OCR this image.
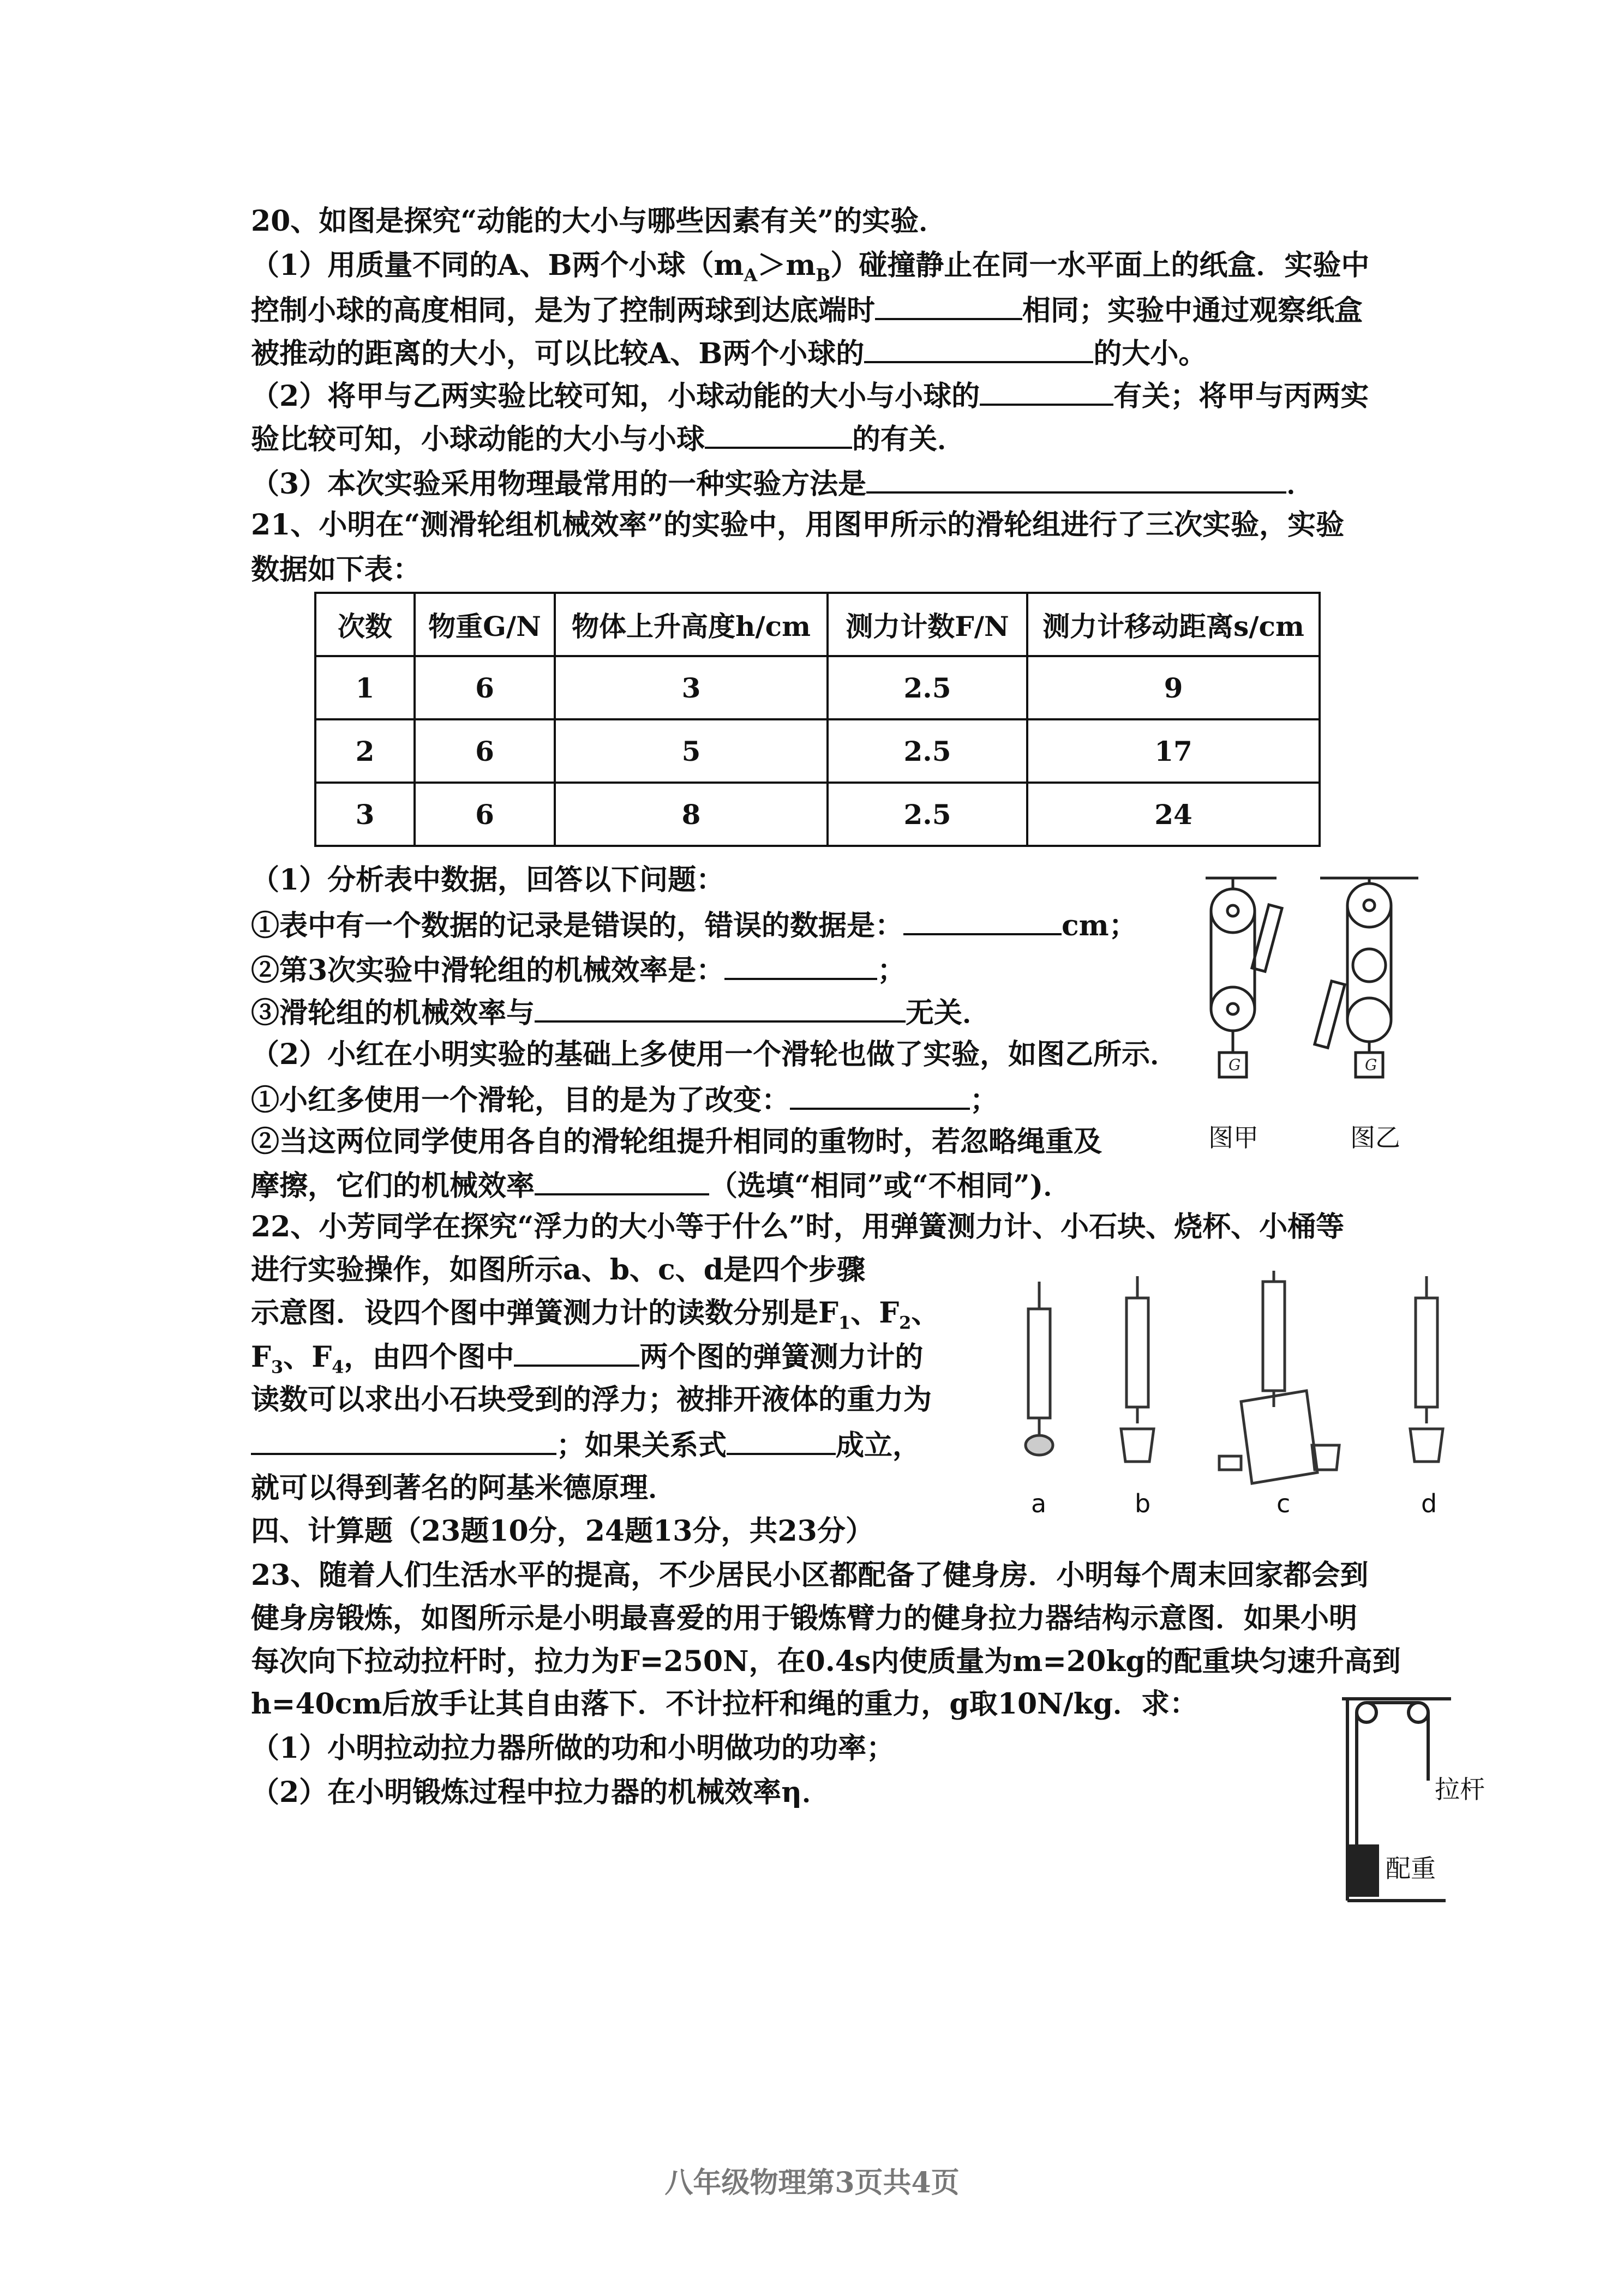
20、如图是探究“动能的大小与哪些因素有关”的实验．
（1）用质量不同的A、B两个小球$(m_A>m_B)$碰撞静止在同一水平面上的纸盒．实验中
控制小球的高度相同，是为了控制两球到达底端时	相同；实验中通过观察纸盒
被推动的距离的大小，可以比较A、B两个小球的	的大小。
（2）将甲与乙两实验比较可知，小球动能的大小与小球的	有关；将甲与丙两实
验比较可知，小球动能的大小与小球	的有关．
（3）本次实验采用物理最常用的一种实验方法是	．
21、小明在“测滑轮组机械效率”的实验中，用图甲所示的滑轮组进行了三次实验，实验
数据如下表：
（1）分析表中数据，回答以下问题：
①表中有一个数据的记录是错误的，错误的数据是：	cm；
②第3次实验中滑轮组的机械效率是：	；
③滑轮组的机械效率与	无关．
（2）小红在小明实验的基础上多使用一个滑轮也做了实验，如图乙所示．
①小红多使用一个滑轮，目的是为了改变：	；
②当这两位同学使用各自的滑轮组提升相同的重物时，若忽略绳重及
摩擦，它们的机械效率	（选填“相同”或“不相同”)．
22、小芳同学在探究“浮力的大小等于什么”时，用弹簧测力计、小石块、烧杯、小桶等
进行实验操作，如图所示a、b、c、d是四个步骤
示意图．设四个图中弹簧测力计的读数分别是$F_1$、$F_2$、
$F_3$、$F_4$，由四个图中	两个图的弹簧测力计的
读数可以求出小石块受到的浮力；被排开液体的重力为
；如果关系式	成立，
就可以得到著名的阿基米德原理．
四、计算题（23题10分，24题13分，共23分）
23、随着人们生活水平的提高，不少居民小区都配备了健身房．小明每个周末回家都会到
健身房锻炼，如图所示是小明最喜爱的用于锻炼臂力的健身拉力器结构示意图．如果小明
每次向下拉动拉杆时，拉力为F=250N，在0.4s内使质量为m=20kg的配重块匀速升高到
h=40cm后放手让其自由落下．不计拉杆和绳的重力，g取10N/kg．求：
（1）小明拉动拉力器所做的功和小明做功的功率；
（2）在小明锻炼过程中拉力器的机械效率η．
次数	物重G/N	物体上升高度h/cm	测力计数F/N	测力计移动距离s/cm
1	6	3	2.5	9
2	6	5	2.5	17
3	6	8	2.5	24
G	G
图甲	图乙
a	b	c	d
拉杆
配重
八年级物理第3页共4页
